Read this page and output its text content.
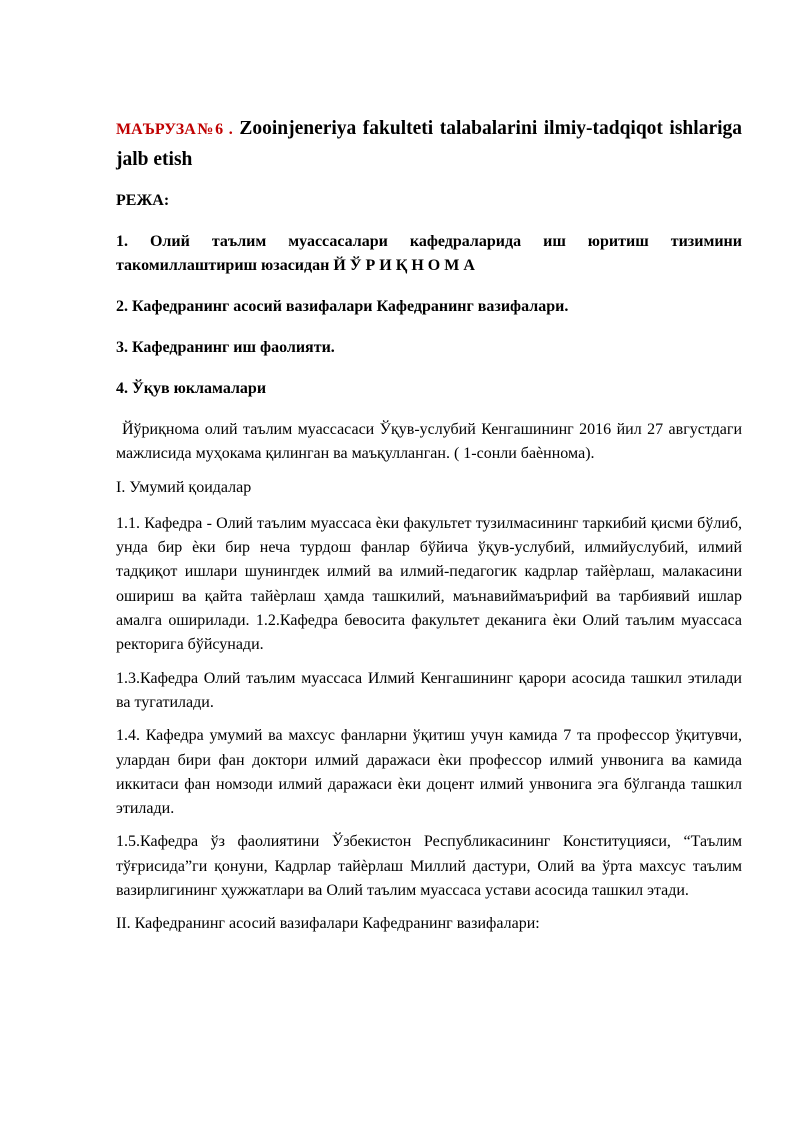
МАЪРУЗА№6 . Zooinjeneriya fakulteti talabalarini ilmiy-tadqiqot ishlariga jalb etish
РЕЖА:
1. Олий таълим муассасалари кафедраларида иш юритиш тизимини такомиллаштириш юзасидан Й Ў Р И Қ Н О М А
2. Кафедранинг асосий вазифалари Кафедранинг вазифалари.
3. Кафедранинг иш фаолияти.
4. Ўқув юкламалари
Йўриқнома олий таълим муассасаси Ўқув-услубий Кенгашининг 2016 йил 27 августдаги мажлисида муҳокама қилинган ва маъқулланган. ( 1-сонли баѐнномa).
I. Умумий қоидалар
1.1. Кафедра - Олий таълим муассаса ѐки факультет тузилмасининг таркибий қисми бўлиб, унда бир ѐки бир неча турдош фанлар бўйича ўқув-услубий, илмийуслубий, илмий тадқиқот ишлари шунингдек илмий ва илмий-педагогик кадрлар тайѐрлаш, малакасини ошириш ва қайта тайѐрлаш ҳамда ташкилий, маънавиймаърифий ва тарбиявий ишлар амалга оширилади. 1.2.Кафедра бевосита факультет деканига ѐки Олий таълим муассаса ректорига бўйсунади.
1.3.Кафедра Олий таълим муассаса Илмий Кенгашининг қарори асосида ташкил этилади ва тугатилади.
1.4. Кафедра умумий ва махсус фанларни ўқитиш учун камида 7 та профессор ўқитувчи, улардан бири фан доктори илмий даражаси ѐки профессор илмий унвонига ва камида иккитаси фан номзоди илмий даражаси ѐки доцент илмий унвонига эга бўлганда ташкил этилади.
1.5.Кафедра ўз фаолиятини Ўзбекистон Республикасининг Конституцияси, “Таълим тўғрисида”ги қонуни, Кадрлар тайѐрлаш Миллий дастури, Олий ва ўрта махсус таълим вазирлигининг ҳужжатлари ва Олий таълим муассаса устави асосида ташкил этади.
II. Кафедранинг асосий вазифалари Кафедранинг вазифалари:
